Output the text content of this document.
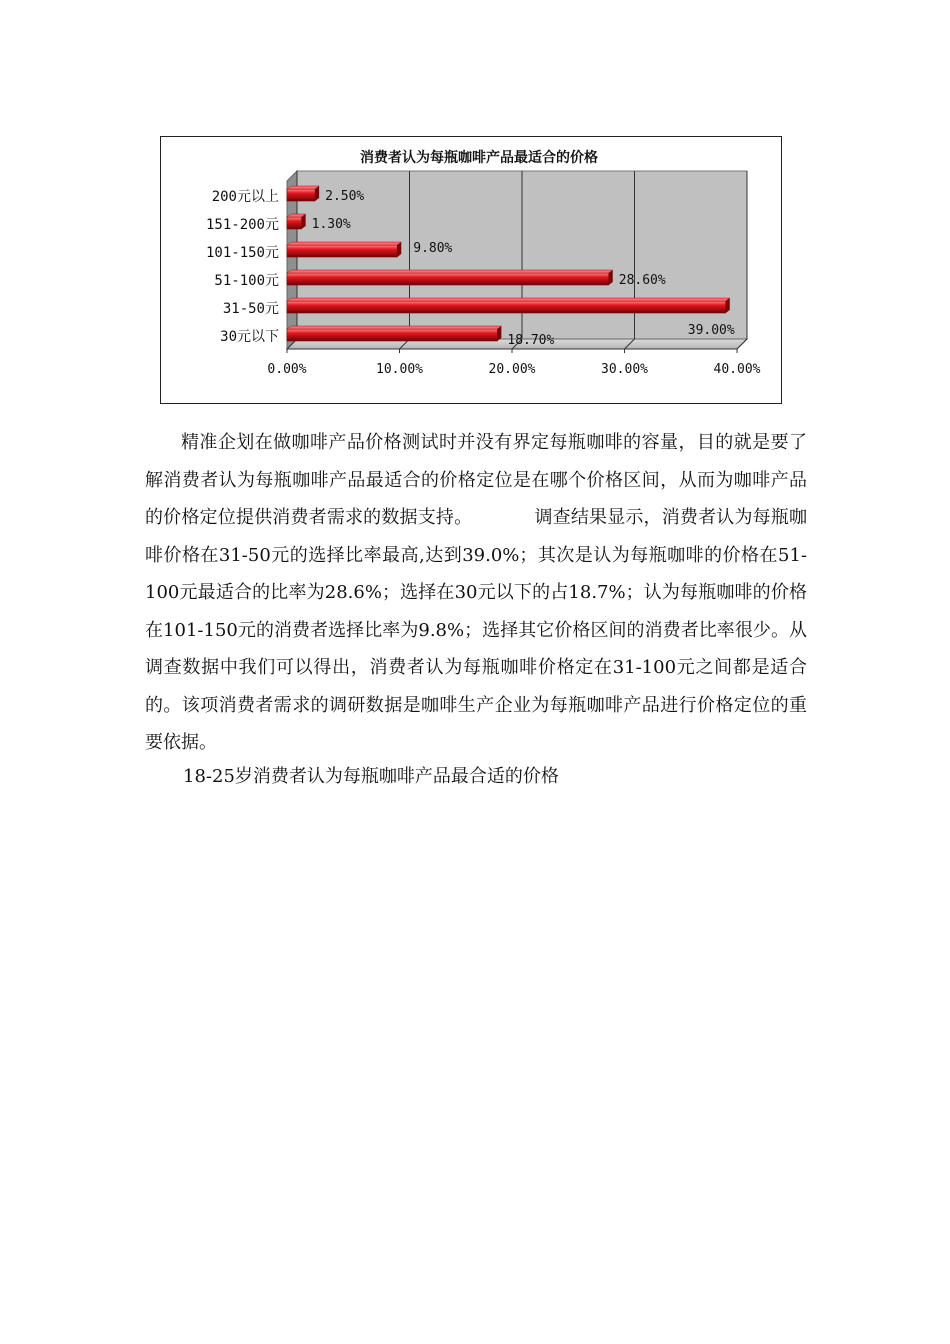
消费者认为每瓶咖啡产品最适合的价格
200元以上
151-200元
101-150元
51-100元
31-50元
30元以下
2.50%
1.30%
9.80%
28.60%
39.00%
18.70%
0.00%	10.00%	20.00%	30.00%	40.00%

精准企划在做咖啡产品价格测试时并没有界定每瓶咖啡的容量，目的就是要了解消费者认为每瓶咖啡产品最适合的价格定位是在哪个价格区间，从而为咖啡产品的价格定位提供消费者需求的数据支持。	调查结果显示，消费者认为每瓶咖啡价格在31-50元的选择比率最高,达到39.0%；其次是认为每瓶咖啡的价格在51-100元最适合的比率为28.6%；选择在30元以下的占18.7%；认为每瓶咖啡的价格在101-150元的消费者选择比率为9.8%；选择其它价格区间的消费者比率很少。从调查数据中我们可以得出，消费者认为每瓶咖啡价格定在31-100元之间都是适合的。该项消费者需求的调研数据是咖啡生产企业为每瓶咖啡产品进行价格定位的重要依据。

18-25岁消费者认为每瓶咖啡产品最合适的价格
